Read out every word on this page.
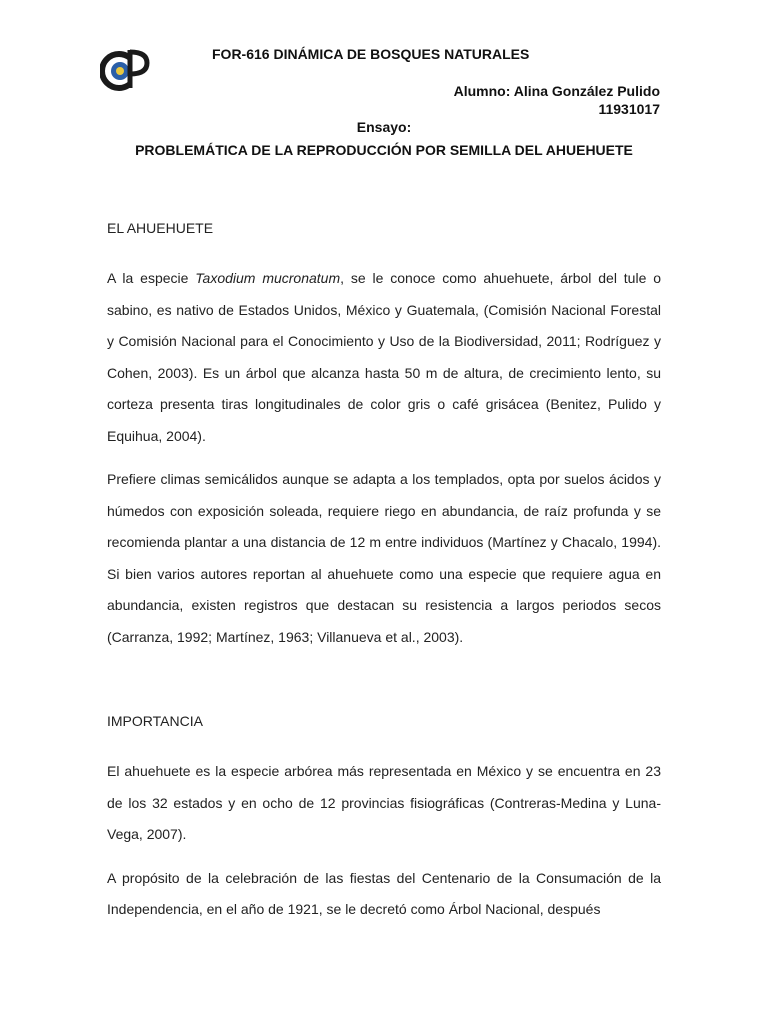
FOR-616 DINÁMICA DE BOSQUES NATURALES
Alumno: Alina González Pulido
11931017
Ensayo:
PROBLEMÁTICA DE LA REPRODUCCIÓN POR SEMILLA DEL AHUEHUETE
EL AHUEHUETE

A la especie Taxodium mucronatum, se le conoce como ahuehuete, árbol del tule o sabino, es nativo de Estados Unidos, México y Guatemala, (Comisión Nacional Forestal y Comisión Nacional para el Conocimiento y Uso de la Biodiversidad, 2011; Rodríguez y Cohen, 2003). Es un árbol que alcanza hasta 50 m de altura, de crecimiento lento, su corteza presenta tiras longitudinales de color gris o café grisácea (Benitez, Pulido y Equihua, 2004).

Prefiere climas semicálidos aunque se adapta a los templados, opta por suelos ácidos y húmedos con exposición soleada, requiere riego en abundancia, de raíz profunda y se recomienda plantar a una distancia de 12 m entre individuos (Martínez y Chacalo, 1994). Si bien varios autores reportan al ahuehuete como una especie que requiere agua en abundancia, existen registros que destacan su resistencia a largos periodos secos (Carranza, 1992; Martínez, 1963; Villanueva et al., 2003).

IMPORTANCIA

El ahuehuete es la especie arbórea más representada en México y se encuentra en 23 de los 32 estados y en ocho de 12 provincias fisiográficas (Contreras-Medina y Luna-Vega, 2007).

A propósito de la celebración de las fiestas del Centenario de la Consumación de la Independencia, en el año de 1921, se le decretó como Árbol Nacional, después
